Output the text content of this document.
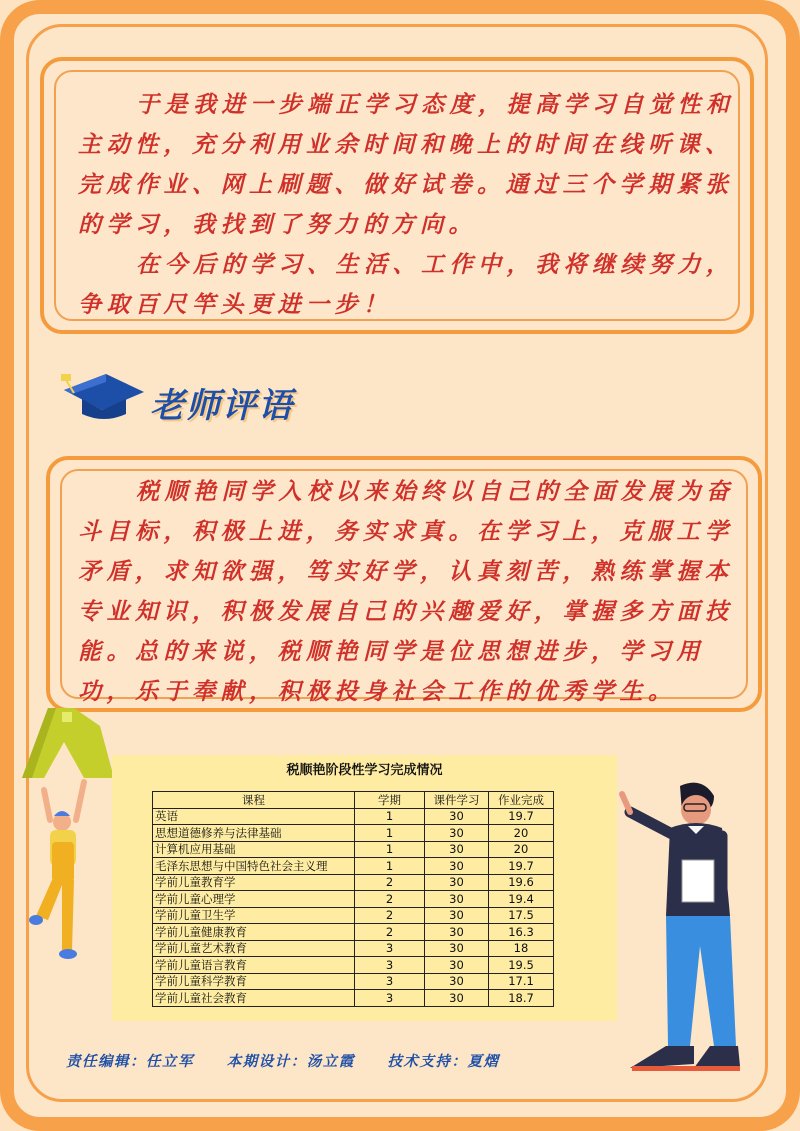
于是我进一步端正学习态度，提高学习自觉性和主动性，充分利用业余时间和晚上的时间在线听课、完成作业、网上刷题、做好试卷。通过三个学期紧张的学习，我找到了努力的方向。

在今后的学习、生活、工作中，我将继续努力，争取百尺竿头更进一步！

老师评语

税顺艳同学入校以来始终以自己的全面发展为奋斗目标，积极上进，务实求真。在学习上，克服工学矛盾，求知欲强，笃实好学，认真刻苦，熟练掌握本专业知识，积极发展自己的兴趣爱好，掌握多方面技能。总的来说，税顺艳同学是位思想进步，学习用功，乐于奉献，积极投身社会工作的优秀学生。

税顺艳阶段性学习完成情况
课程	学期	课件学习	作业完成
英语	1	30	19.7
思想道德修养与法律基础	1	30	20
计算机应用基础	1	30	20
毛泽东思想与中国特色社会主义理	1	30	19.7
学前儿童教育学	2	30	19.6
学前儿童心理学	2	30	19.4
学前儿童卫生学	2	30	17.5
学前儿童健康教育	2	30	16.3
学前儿童艺术教育	3	30	18
学前儿童语言教育	3	30	19.5
学前儿童科学教育	3	30	17.1
学前儿童社会教育	3	30	18.7
责任编辑：任立军     本期设计：汤立霞     技术支持：夏熠
